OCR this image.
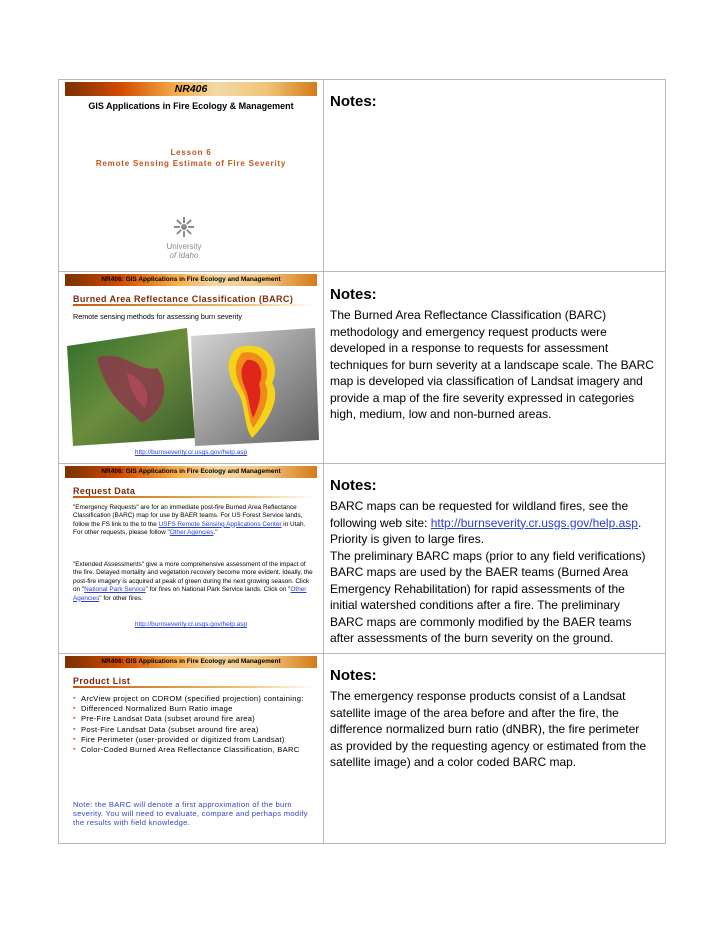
NR406
GIS Applications in Fire Ecology & Management
Lesson 6
Remote Sensing Estimate of Fire Severity
University
of Idaho
Notes:
NR406: GIS Applications in Fire Ecology and Management
Burned Area Reflectance Classification (BARC)
Remote sensing methods for assessing burn severity
http://burnseverity.cr.usgs.gov/help.asp
Notes:
The Burned Area Reflectance Classification (BARC) methodology and emergency request products were developed in a response to requests for assessment techniques for burn severity at a landscape scale. The BARC map is developed via classification of Landsat imagery and provide a map of the fire severity expressed in categories high, medium, low and non-burned areas.
NR406: GIS Applications in Fire Ecology and Management
Request Data
"Emergency Requests" are for an immediate post-fire Burned Area Reflectance Classification (BARC) map for use by BAER teams. For US Forest Service lands, follow the FS link to the to the USFS Remote Sensing Applications Center in Utah. For other requests, please follow "Other Agencies."
"Extended Assessments" give a more comprehensive assessment of the impact of the fire. Delayed mortality and vegetation recovery become more evident. Ideally, the post-fire imagery is acquired at peak of green during the next growing season. Click on "National Park Service" for fires on National Park Service lands. Click on "Other Agencies" for other fires.
http://burnseverity.cr.usgs.gov/help.asp
Notes:
BARC maps can be requested for wildland fires, see the following web site: http://burnseverity.cr.usgs.gov/help.asp. Priority is given to large fires.
The preliminary BARC maps (prior to any field verifications) BARC maps are used by the BAER teams (Burned Area Emergency Rehabilitation) for rapid assessments of the initial watershed conditions after a fire. The preliminary BARC maps are commonly modified by the BAER teams after assessments of the burn severity on the ground.
NR406: GIS Applications in Fire Ecology and Management
Product List
▪ ArcView project on CDROM (specified projection) containing:
▪ Differenced Normalized Burn Ratio image
▪ Pre-Fire Landsat Data (subset around fire area)
▪ Post-Fire Landsat Data (subset around fire area)
▪ Fire Perimeter (user-provided or digitized from Landsat)
▪ Color-Coded Burned Area Reflectance Classification, BARC
Note: the BARC will denote a first approximation of the burn severity. You will need to evaluate, compare and perhaps modify the results with field knowledge.
Notes:
The emergency response products consist of a Landsat satellite image of the area before and after the fire, the difference normalized burn ratio (dNBR), the fire perimeter as provided by the requesting agency or estimated from the satellite image) and a color coded BARC map.
